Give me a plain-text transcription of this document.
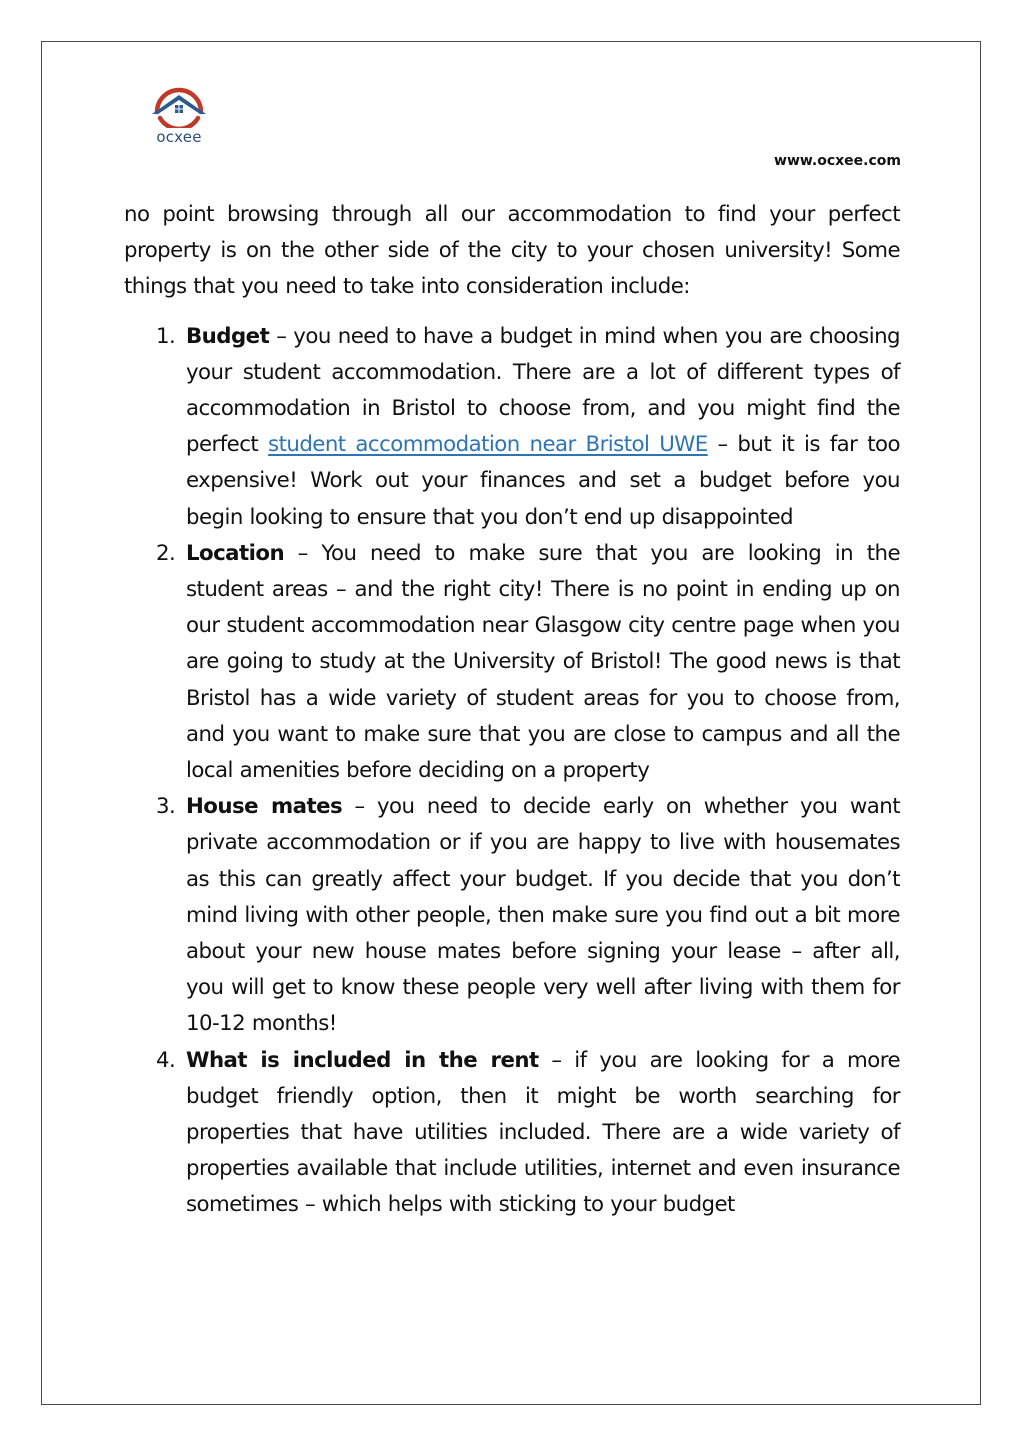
ocxee
www.ocxee.com

no point browsing through all our accommodation to find your perfect property is on the other side of the city to your chosen university! Some things that you need to take into consideration include:

1. Budget – you need to have a budget in mind when you are choosing your student accommodation. There are a lot of different types of accommodation in Bristol to choose from, and you might find the perfect student accommodation near Bristol UWE – but it is far too expensive! Work out your finances and set a budget before you begin looking to ensure that you don’t end up disappointed
2. Location – You need to make sure that you are looking in the student areas – and the right city! There is no point in ending up on our student accommodation near Glasgow city centre page when you are going to study at the University of Bristol! The good news is that Bristol has a wide variety of student areas for you to choose from, and you want to make sure that you are close to campus and all the local amenities before deciding on a property
3. House mates – you need to decide early on whether you want private accommodation or if you are happy to live with housemates as this can greatly affect your budget. If you decide that you don’t mind living with other people, then make sure you find out a bit more about your new house mates before signing your lease – after all, you will get to know these people very well after living with them for 10-12 months!
4. What is included in the rent – if you are looking for a more budget friendly option, then it might be worth searching for properties that have utilities included. There are a wide variety of properties available that include utilities, internet and even insurance sometimes – which helps with sticking to your budget
